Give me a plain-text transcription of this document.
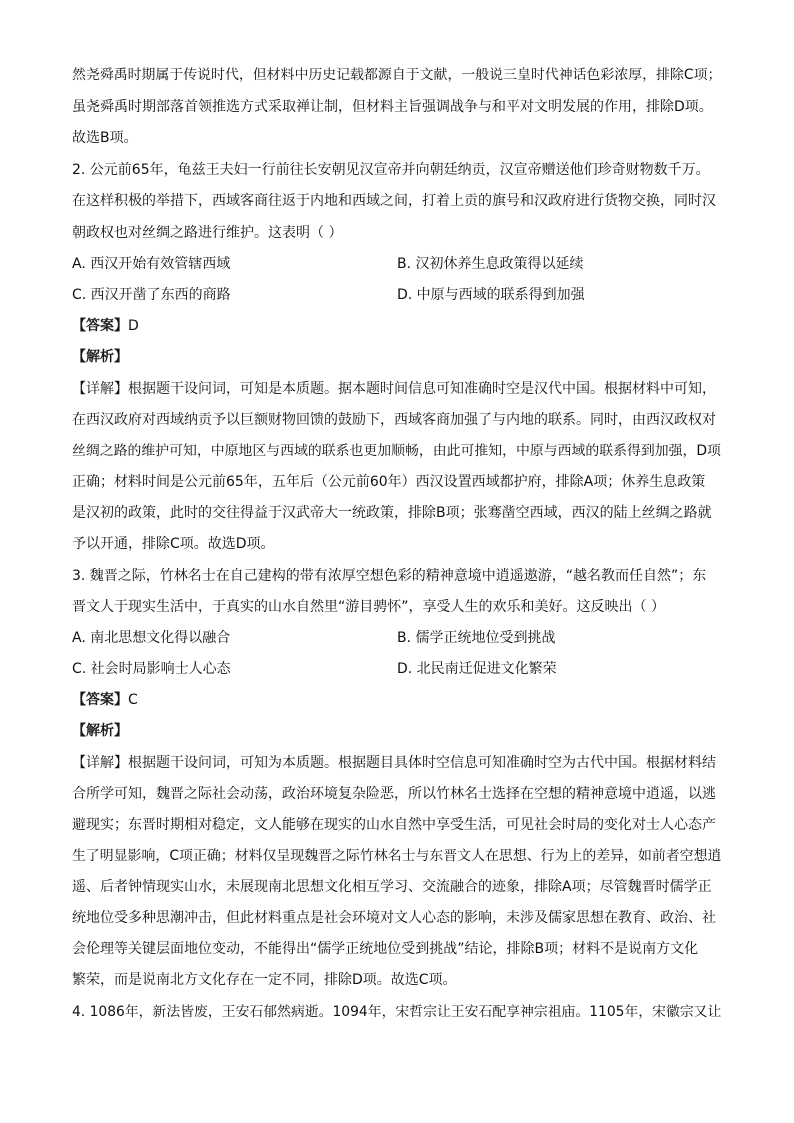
然尧舜禹时期属于传说时代，但材料中历史记载都源自于文献，一般说三皇时代神话色彩浓厚，排除C项；
虽尧舜禹时期部落首领推选方式采取禅让制，但材料主旨强调战争与和平对文明发展的作用，排除D项。
故选B项。
2. 公元前65年，龟兹王夫妇一行前往长安朝见汉宣帝并向朝廷纳贡，汉宣帝赠送他们珍奇财物数千万。
在这样积极的举措下，西域客商往返于内地和西域之间，打着上贡的旗号和汉政府进行货物交换，同时汉
朝政权也对丝绸之路进行维护。这表明（ ）
A. 西汉开始有效管辖西域	B. 汉初休养生息政策得以延续
C. 西汉开凿了东西的商路	D. 中原与西域的联系得到加强
【答案】D
【解析】
【详解】根据题干设问词，可知是本质题。据本题时间信息可知准确时空是汉代中国。根据材料中可知，
在西汉政府对西域纳贡予以巨额财物回馈的鼓励下，西域客商加强了与内地的联系。同时，由西汉政权对
丝绸之路的维护可知，中原地区与西域的联系也更加顺畅，由此可推知，中原与西域的联系得到加强，D项
正确；材料时间是公元前65年，五年后（公元前60年）西汉设置西域都护府，排除A项；休养生息政策
是汉初的政策，此时的交往得益于汉武帝大一统政策，排除B项；张骞凿空西域，西汉的陆上丝绸之路就
予以开通，排除C项。故选D项。
3. 魏晋之际，竹林名士在自己建构的带有浓厚空想色彩的精神意境中逍遥遨游，“越名教而任自然”；东
晋文人于现实生活中，于真实的山水自然里“游目骋怀”，享受人生的欢乐和美好。这反映出（ ）
A. 南北思想文化得以融合	B. 儒学正统地位受到挑战
C. 社会时局影响士人心态	D. 北民南迁促进文化繁荣
【答案】C
【解析】
【详解】根据题干设问词，可知为本质题。根据题目具体时空信息可知准确时空为古代中国。根据材料结
合所学可知，魏晋之际社会动荡，政治环境复杂险恶，所以竹林名士选择在空想的精神意境中逍遥，以逃
避现实；东晋时期相对稳定，文人能够在现实的山水自然中享受生活，可见社会时局的变化对士人心态产
生了明显影响，C项正确；材料仅呈现魏晋之际竹林名士与东晋文人在思想、行为上的差异，如前者空想逍
遥、后者钟情现实山水，未展现南北思想文化相互学习、交流融合的迹象，排除A项；尽管魏晋时儒学正
统地位受多种思潮冲击，但此材料重点是社会环境对文人心态的影响，未涉及儒家思想在教育、政治、社
会伦理等关键层面地位变动，不能得出“儒学正统地位受到挑战”结论，排除B项；材料不是说南方文化
繁荣，而是说南北方文化存在一定不同，排除D项。故选C项。
4. 1086年，新法皆废，王安石郁然病逝。1094年，宋哲宗让王安石配享神宗祖庙。1105年，宋徽宗又让
